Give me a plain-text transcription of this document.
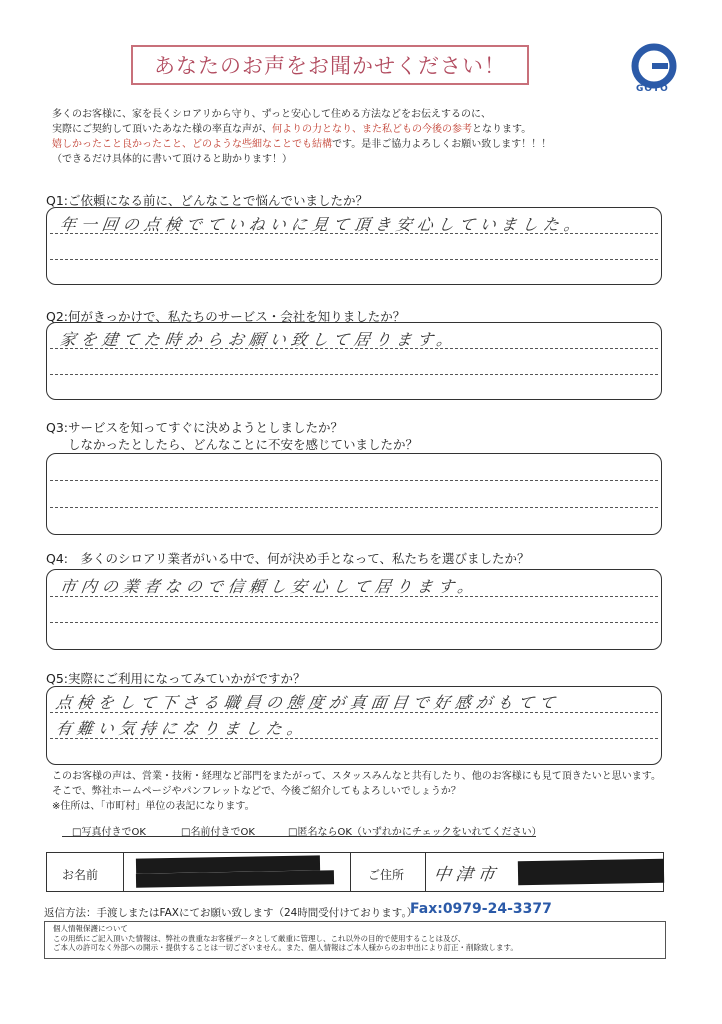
あなたのお声をお聞かせください！
GOTO
多くのお客様に、家を長くシロアリから守り、ずっと安心して住める方法などをお伝えするのに、
実際にご契約して頂いたあなた様の率直な声が、何よりの力となり、また私どもの今後の参考となります。
嬉しかったこと良かったこと、どのような些細なことでも結構です。是非ご協力よろしくお願い致します！！！
（できるだけ具体的に書いて頂けると助かります！）
Q1:ご依頼になる前に、どんなことで悩んでいましたか？
年一回の点検でていねいに見て頂き安心していました。
Q2:何がきっかけで、私たちのサービス・会社を知りましたか？
家を建てた時からお願い致して居ります。
Q3:サービスを知ってすぐに決めようとしましたか？
しなかったとしたら、どんなことに不安を感じていましたか？
Q4:　多くのシロアリ業者がいる中で、何が決め手となって、私たちを選びましたか？
市内の業者なので信頼し安心して居ります。
Q5:実際にご利用になってみていかがですか？
点検をして下さる職員の態度が真面目で好感がもてて
有難い気持になりました。
このお客様の声は、営業・技術・経理など部門をまたがって、スタッスみんなと共有したり、他のお客様にも見て頂きたいと思います。
そこで、弊社ホームページやパンフレットなどで、今後ご紹介してもよろしいでしょうか？
※住所は、「市町村」単位の表記になります。
□写真付きでOK	□名前付きでOK	□匿名ならOK（いずれかにチェックをいれてください）
お名前	ご住所 中津市
返信方法：手渡しまたはFAXにてお願い致します（24時間受付けております。）
Fax:0979-24-3377
個人情報保護について
この用紙にご記入頂いた情報は、弊社の貴重なお客様データとして厳重に管理し、これ以外の目的で使用することは及び、
ご本人の許可なく外部への開示・提供することは一切ございません。また、個人情報はご本人様からのお申出により訂正・削除致します。
